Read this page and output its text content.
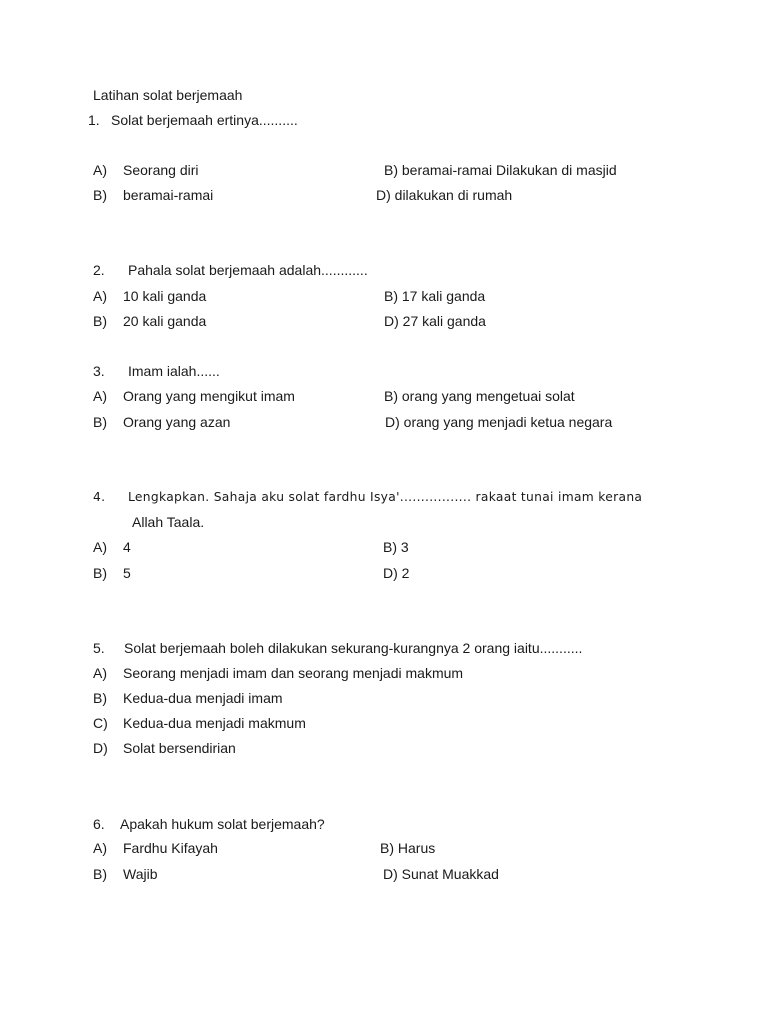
Latihan solat berjemaah
1. Solat berjemaah ertinya..........
A) Seorang diri	B) beramai-ramai Dilakukan di masjid
B) beramai-ramai	D) dilakukan di rumah
2. Pahala solat berjemaah adalah............
A) 10 kali ganda	B) 17 kali ganda
B) 20 kali ganda	D) 27 kali ganda
3. Imam ialah......
A) Orang yang mengikut imam	B) orang yang mengetuai solat
B) Orang yang azan	D) orang yang menjadi ketua negara
4. Lengkapkan. Sahaja aku solat fardhu Isya'................. rakaat tunai imam kerana
Allah Taala.
A) 4	B) 3
B) 5	D) 2
5. Solat berjemaah boleh dilakukan sekurang-kurangnya 2 orang iaitu...........
A) Seorang menjadi imam dan seorang menjadi makmum
B) Kedua-dua menjadi imam
C) Kedua-dua menjadi makmum
D) Solat bersendirian
6. Apakah hukum solat berjemaah?
A) Fardhu Kifayah	B) Harus
B) Wajib	D) Sunat Muakkad
